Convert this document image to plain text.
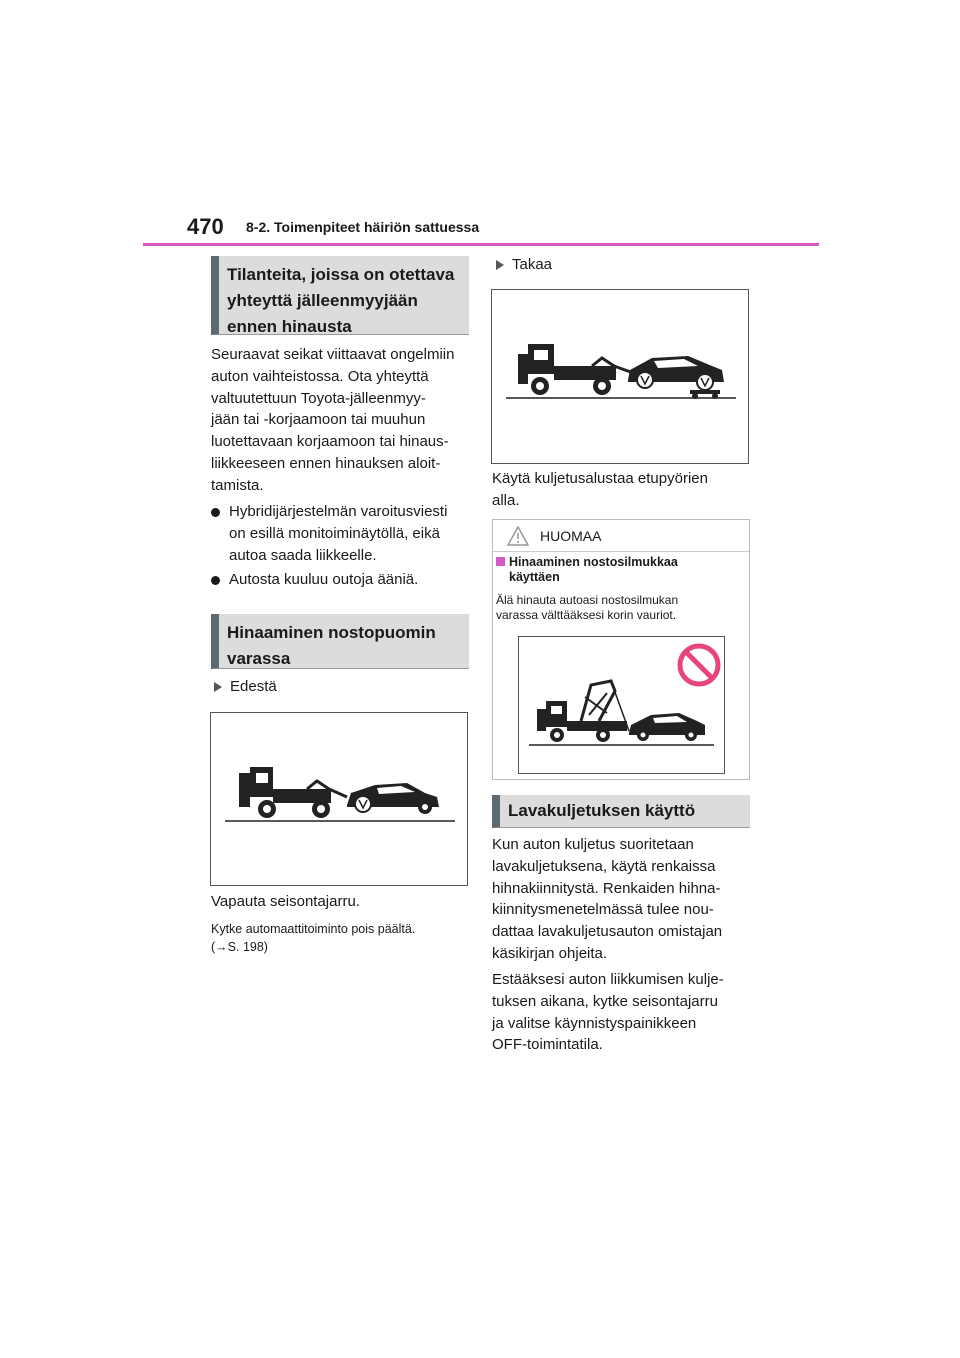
470 8-2. Toimenpiteet häiriön sattuessa
Tilanteita, joissa on otettava
yhteyttä jälleenmyyjään
ennen hinausta

Seuraavat seikat viittaavat ongelmiin

auton vaihteistossa. Ota yhteyttä

valtuutettuun Toyota-jälleenmyy-

jään tai -korjaamoon tai muuhun

luotettavaan korjaamoon tai hinaus-

liikkeeseen ennen hinauksen aloit-

tamista.

Hybridijärjestelmän varoitusviesti
on esillä monitoiminäytöllä, eikä
autoa saada liikkeelle.
Autosta kuuluu outoja ääniä.
Hinaaminen nostopuomin
varassa
Edestä
Vapauta seisontajarru.
Kytke automaattitoiminto pois päältä.
(→S. 198)
Takaa

Käytä kuljetusalustaa etupyörien

alla.

HUOMAA
Hinaaminen nostosilmukkaa
käyttäen
Älä hinauta autoasi nostosilmukan
varassa välttääksesi korin vauriot.
Lavakuljetuksen käyttö

Kun auton kuljetus suoritetaan

lavakuljetuksena, käytä renkaissa

hihnakiinnitystä. Renkaiden hihna-

kiinnitysmenetelmässä tulee nou-

dattaa lavakuljetusauton omistajan

käsikirjan ohjeita.

Estääksesi auton liikkumisen kulje-

tuksen aikana, kytke seisontajarru

ja valitse käynnistyspainikkeen

OFF-toimintatila.
